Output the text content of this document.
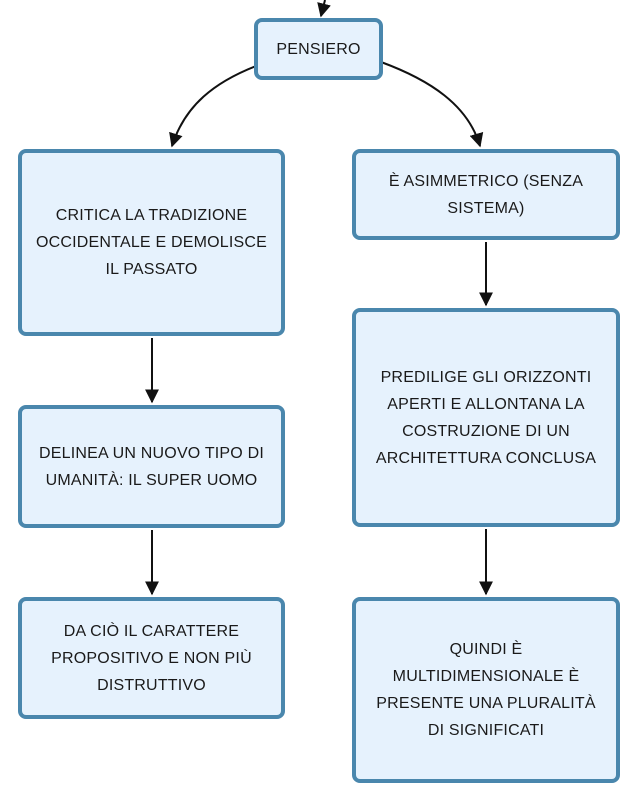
PENSIERO
CRITICA LA TRADIZIONE OCCIDENTALE E DEMOLISCE IL PASSATO
DELINEA UN NUOVO TIPO DI UMANITÀ: IL SUPER UOMO
DA CIÒ IL CARATTERE PROPOSITIVO E NON PIÙ DISTRUTTIVO
È ASIMMETRICO (SENZA SISTEMA)
PREDILIGE GLI ORIZZONTI APERTI E ALLONTANA LA COSTRUZIONE DI UN ARCHITETTURA CONCLUSA
QUINDI È MULTIDIMENSIONALE È PRESENTE UNA PLURALITÀ DI SIGNIFICATI
